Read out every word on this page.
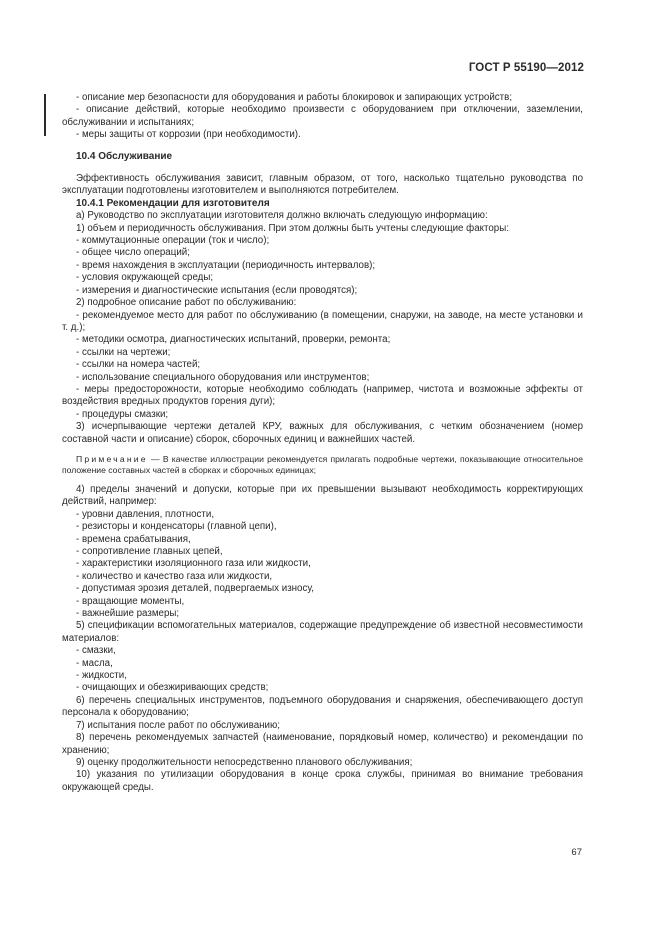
ГОСТ Р 55190—2012

- описание мер безопасности для оборудования и работы блокировок и запирающих устройств;

- описание действий, которые необходимо произвести с оборудованием при отключении, заземлении, обслуживании и испытаниях;

- меры защиты от коррозии (при необходимости).

10.4 Обслуживание

Эффективность обслуживания зависит, главным образом, от того, насколько тщательно руководства по эксплуатации подготовлены изготовителем и выполняются потребителем.

10.4.1 Рекомендации для изготовителя

а) Руководство по эксплуатации изготовителя должно включать следующую информацию:

1) объем и периодичность обслуживания. При этом должны быть учтены следующие факторы:

- коммутационные операции (ток и число);

- общее число операций;

- время нахождения в эксплуатации (периодичность интервалов);

- условия окружающей среды;

- измерения и диагностические испытания (если проводятся);

2) подробное описание работ по обслуживанию:

- рекомендуемое место для работ по обслуживанию (в помещении, снаружи, на заводе, на месте установки и т. д.);

- методики осмотра, диагностических испытаний, проверки, ремонта;

- ссылки на чертежи;

- ссылки на номера частей;

- использование специального оборудования или инструментов;

- меры предосторожности, которые необходимо соблюдать (например, чистота и возможные эффекты от воздействия вредных продуктов горения дуги);

- процедуры смазки;

3) исчерпывающие чертежи деталей КРУ, важных для обслуживания, с четким обозначением (номер составной части и описание) сборок, сборочных единиц и важнейших частей.

Примечание — В качестве иллюстрации рекомендуется прилагать подробные чертежи, показывающие относительное положение составных частей в сборках и сборочных единицах;

4) пределы значений и допуски, которые при их превышении вызывают необходимость корректирующих действий, например:

- уровни давления, плотности,

- резисторы и конденсаторы (главной цепи),

- времена срабатывания,

- сопротивление главных цепей,

- характеристики изоляционного газа или жидкости,

- количество и качество газа или жидкости,

- допустимая эрозия деталей, подвергаемых износу,

- вращающие моменты,

- важнейшие размеры;

5) спецификации вспомогательных материалов, содержащие предупреждение об известной несовместимости материалов:

- смазки,

- масла,

- жидкости,

- очищающих и обезжиривающих средств;

6) перечень специальных инструментов, подъемного оборудования и снаряжения, обеспечивающего доступ персонала к оборудованию;

7) испытания после работ по обслуживанию;

8) перечень рекомендуемых запчастей (наименование, порядковый номер, количество) и рекомендации по хранению;

9) оценку продолжительности непосредственно планового обслуживания;

10) указания по утилизации оборудования в конце срока службы, принимая во внимание требования окружающей среды.

67
